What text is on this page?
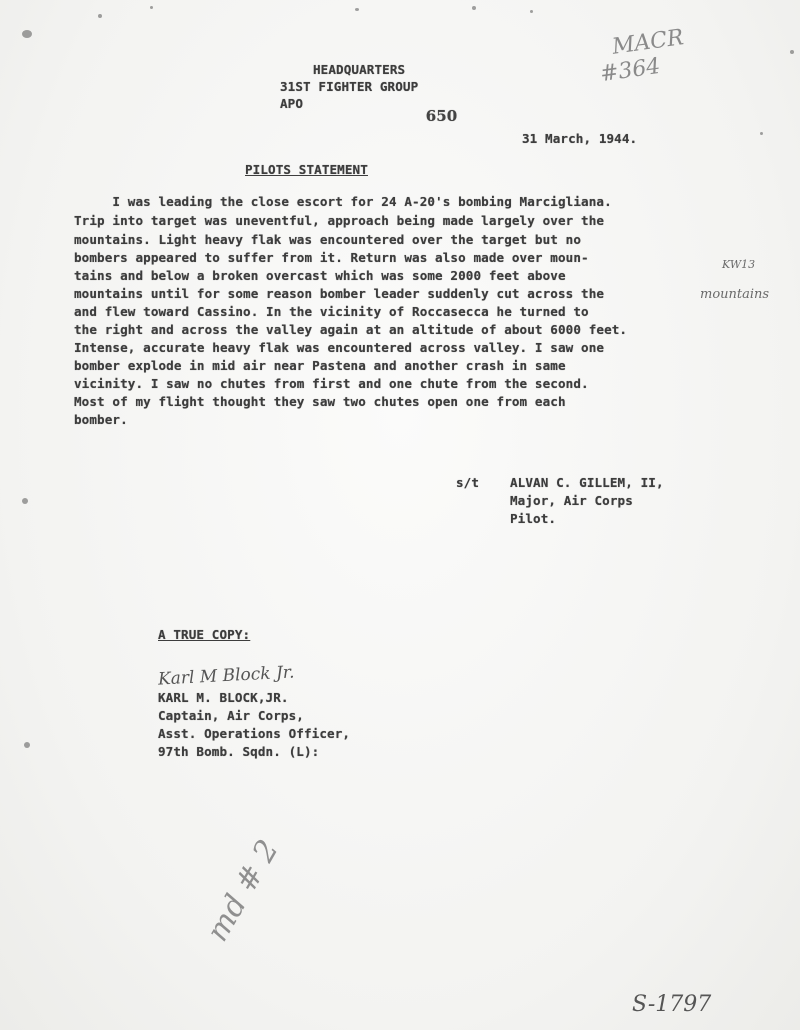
HEADQUARTERS
31ST FIGHTER GROUP
APO

650

MACR
#364
31 March, 1944.
PILOTS STATEMENT
I was leading the close escort for 24 A-20's bombing Marcigliana.
Trip into target was uneventful, approach being made largely over the
mountains. Light heavy flak was encountered over the target but no
bombers appeared to suffer from it. Return was also made over moun-
tains and below a broken overcast which was some 2000 feet above
mountains until for some reason bomber leader suddenly cut across the
and flew toward Cassino. In the vicinity of Roccasecca he turned to
the right and across the valley again at an altitude of about 6000 feet.
Intense, accurate heavy flak was encountered across valley. I saw one
bomber explode in mid air near Pastena and another crash in same
vicinity. I saw no chutes from first and one chute from the second.
Most of my flight thought they saw two chutes open one from each
bomber.
KW13
mountains
s/t ALVAN C. GILLEM, II,
Major, Air Corps
Pilot.
A TRUE COPY:
Karl M Block Jr.
KARL M. BLOCK,JR.
Captain, Air Corps,
Asst. Operations Officer,
97th Bomb. Sqdn. (L):
md # 2
S-1797
